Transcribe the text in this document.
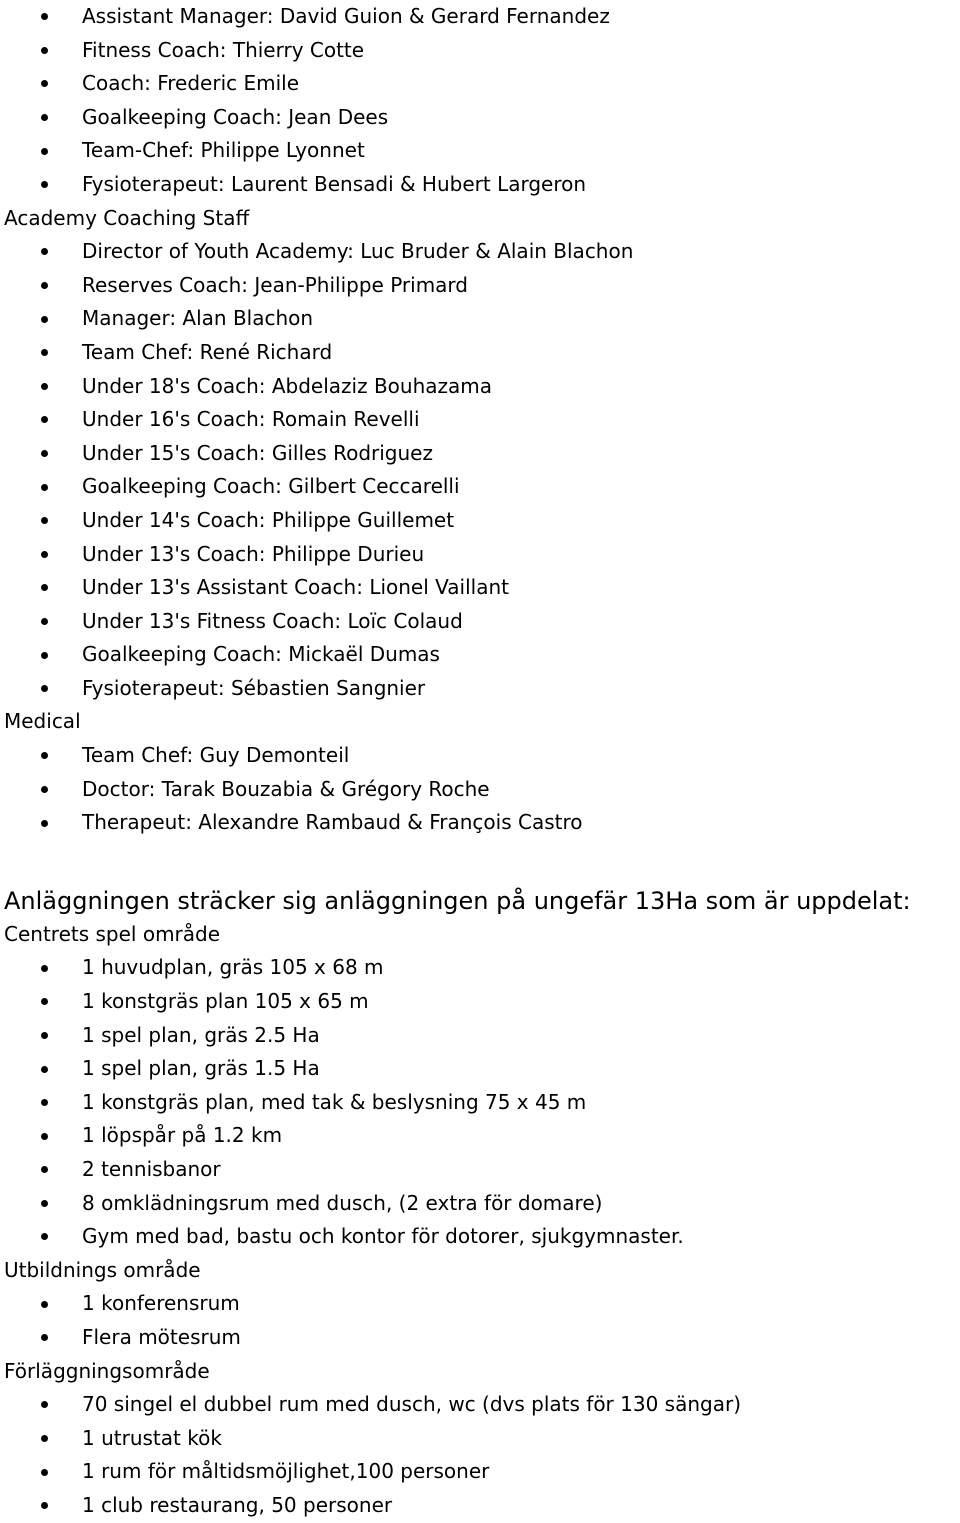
Assistant Manager: David Guion & Gerard Fernandez
Fitness Coach: Thierry Cotte
Coach: Frederic Emile
Goalkeeping Coach: Jean Dees
Team-Chef: Philippe Lyonnet
Fysioterapeut: Laurent Bensadi & Hubert Largeron
Academy Coaching Staff
Director of Youth Academy: Luc Bruder & Alain Blachon
Reserves Coach: Jean-Philippe Primard
Manager: Alan Blachon
Team Chef: René Richard
Under 18's Coach: Abdelaziz Bouhazama
Under 16's Coach: Romain Revelli
Under 15's Coach: Gilles Rodriguez
Goalkeeping Coach: Gilbert Ceccarelli
Under 14's Coach: Philippe Guillemet
Under 13's Coach: Philippe Durieu
Under 13's Assistant Coach: Lionel Vaillant
Under 13's Fitness Coach: Loïc Colaud
Goalkeeping Coach: Mickaël Dumas
Fysioterapeut: Sébastien Sangnier
Medical
Team Chef: Guy Demonteil
Doctor: Tarak Bouzabia & Grégory Roche
Therapeut: Alexandre Rambaud & François Castro
Anläggningen sträcker sig anläggningen på ungefär 13Ha som är uppdelat:
Centrets spel område
1 huvudplan, gräs 105 x 68 m
1 konstgräs plan 105 x 65 m
1 spel plan, gräs 2.5 Ha
1 spel plan, gräs 1.5 Ha
1 konstgräs plan, med tak & beslysning 75 x 45 m
1 löpspår på 1.2 km
2 tennisbanor
8 omklädningsrum med dusch, (2 extra för domare)
Gym med bad, bastu och kontor för dotorer, sjukgymnaster.
Utbildnings område
1 konferensrum
Flera mötesrum
Förläggningsområde
70 singel el dubbel rum med dusch, wc (dvs plats för 130 sängar)
1 utrustat kök
1 rum för måltidsmöjlighet,100 personer
1 club restaurang, 50 personer
